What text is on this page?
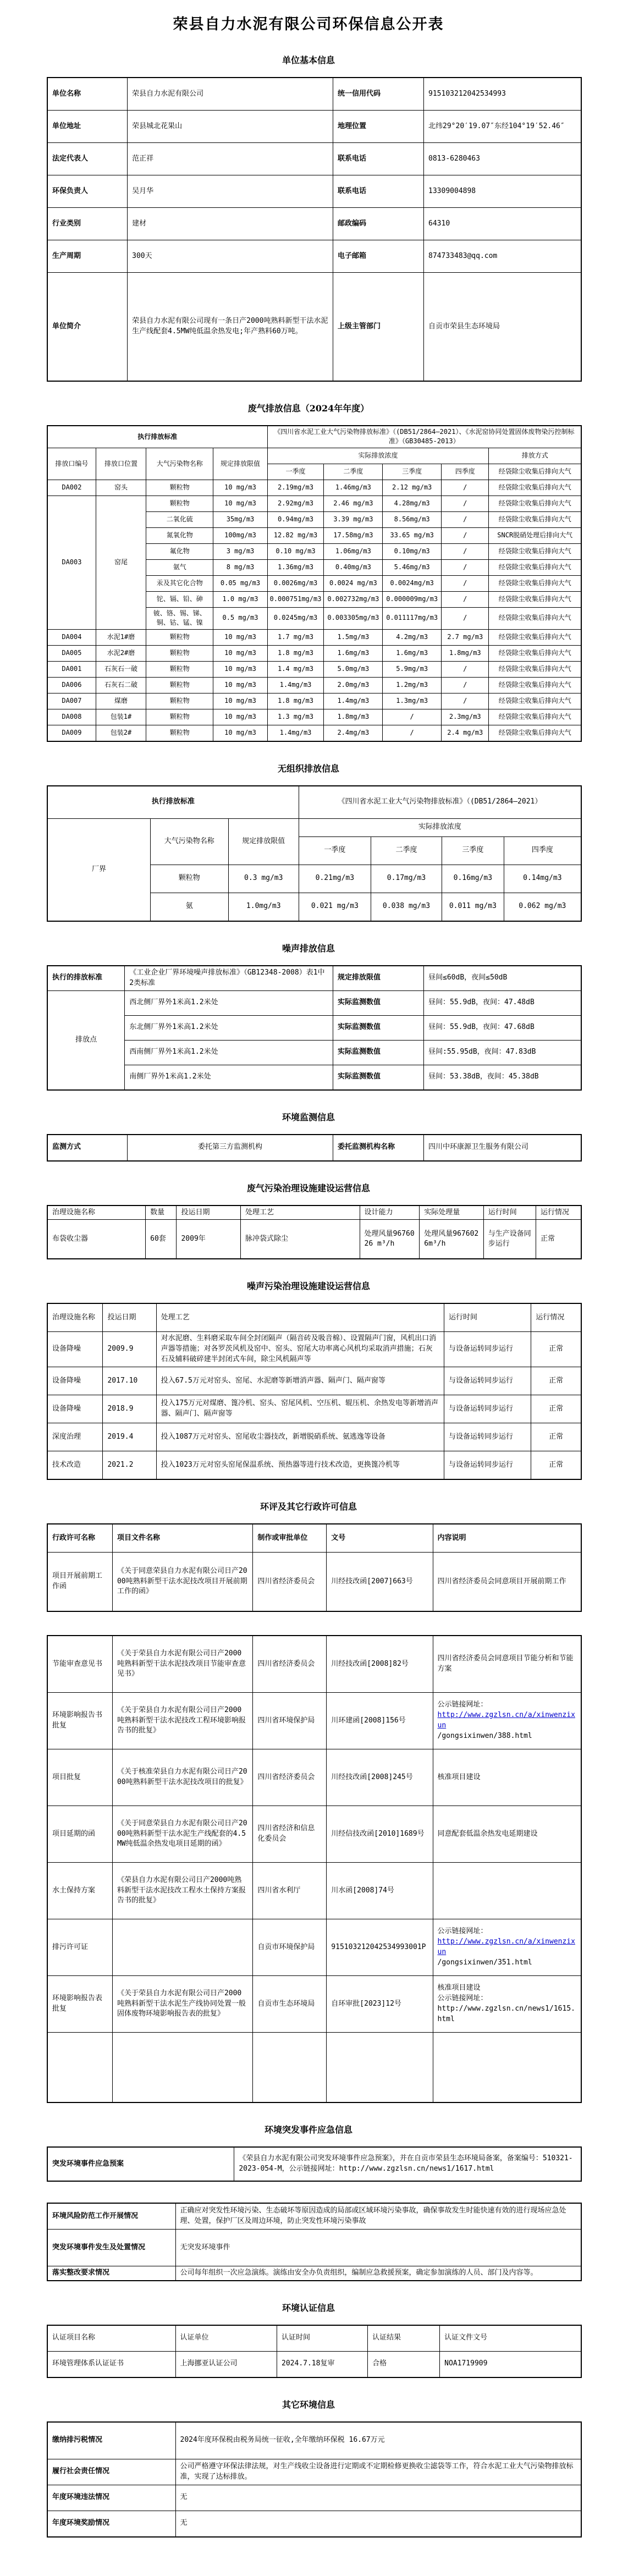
荣县自力水泥有限公司环保信息公开表
单位基本信息
单位名称	荣县自力水泥有限公司	统一信用代码	915103212042534993
单位地址	荣县城北花果山	地理位置	北纬29°20′19.07″东经104°19′52.46″
法定代表人	范正祥	联系电话	0813-6280463
环保负责人	吴月华	联系电话	13309004898
行业类别	建材	邮政编码	64310
生产周期	300天	电子邮箱	874733483@qq.com
单位简介	荣县自力水泥有限公司现有一条日产2000吨熟料新型干法水泥生产线配套4.5MW纯低温余热发电;年产熟料60万吨。	上级主管部门	自贡市荣县生态环境局
废气排放信息（2024年年度）
执行排放标准				《四川省水泥工业大气污染物排放标准》（(DB51/2864—2021）、《水泥窑协同处置固体废物染污控制标准》（GB30485-2013）				
排放口编号	排放口位置	大气污染物名称	规定排放限值	实际排放浓度				排放方式
				一季度	二季度	三季度	四季度	经袋除尘收集后排向大气
DA002	窑头	颗粒物	10 mg/m3	2.19mg/m3	1.46mg/m3	2.12 mg/m3	/	经袋除尘收集后排向大气
DA003	窑尾	颗粒物	10 mg/m3	2.92mg/m3	2.46 mg/m3	4.28mg/m3	/	经袋除尘收集后排向大气
		二氧化硫	35mg/m3	0.94mg/m3	3.39 mg/m3	8.56mg/m3	/	经袋除尘收集后排向大气
		氮氧化物	100mg/m3	12.82 mg/m3	17.58mg/m3	33.65 mg/m3	/	SNCR脱硝处理后排向大气
		氟化物	3 mg/m3	0.10 mg/m3	1.06mg/m3	0.10mg/m3	/	经袋除尘收集后排向大气
		氨气	8 mg/m3	1.36mg/m3	0.40mg/m3	5.46mg/m3	/	经袋除尘收集后排向大气
		汞及其它化合物	0.05 mg/m3	0.0026mg/m3	0.0024 mg/m3	0.0024mg/m3	/	经袋除尘收集后排向大气
		铊、镉、铅、砷	1.0 mg/m3	0.000751mg/m3	0.002732mg/m3	0.000009mg/m3	/	经袋除尘收集后排向大气
		铍、铬、锡、锑、铜、钴、锰、镍	0.5 mg/m3	0.0245mg/m3	0.003305mg/m3	0.011117mg/m3	/	经袋除尘收集后排向大气
DA004	水泥1#磨	颗粒物	10 mg/m3	1.7 mg/m3	1.5mg/m3	4.2mg/m3	2.7 mg/m3	经袋除尘收集后排向大气
DA005	水泥2#磨	颗粒物	10 mg/m3	1.8 mg/m3	1.6mg/m3	1.6mg/m3	1.8mg/m3	经袋除尘收集后排向大气
DA001	石灰石一破	颗粒物	10 mg/m3	1.4 mg/m3	5.0mg/m3	5.9mg/m3	/	经袋除尘收集后排向大气
DA006	石灰石二破	颗粒物	10 mg/m3	1.4mg/m3	2.0mg/m3	1.2mg/m3	/	经袋除尘收集后排向大气
DA007	煤磨	颗粒物	10 mg/m3	1.8 mg/m3	1.4mg/m3	1.3mg/m3	/	经袋除尘收集后排向大气
DA008	包装1#	颗粒物	10 mg/m3	1.3 mg/m3	1.8mg/m3	/	2.3mg/m3	经袋除尘收集后排向大气
DA009	包装2#	颗粒物	10 mg/m3	1.4mg/m3	2.4mg/m3	/	2.4 mg/m3	经袋除尘收集后排向大气
无组织排放信息
执行排放标准			《四川省水泥工业大气污染物排放标准》（(DB51/2864—2021）			
厂界	大气污染物名称	规定排放限值	实际排放浓度			
			一季度	二季度	三季度	四季度
	颗粒物	0.3 mg/m3	0.21mg/m3	0.17mg/m3	0.16mg/m3	0.14mg/m3
	氨	1.0mg/m3	0.021 mg/m3	0.038 mg/m3	0.011 mg/m3	0.062 mg/m3
噪声排放信息
执行的排放标准	《工业企业厂界环境噪声排放标准》（GB12348-2008）表1中2类标准	规定排放限值	昼间≤60dB，夜间≤50dB
排放点	西北侧厂界外1米高1.2米处	实际监测数值	昼间：55.9dB，夜间：47.48dB
	东北侧厂界外1米高1.2米处	实际监测数值	昼间：55.9dB，夜间：47.68dB
	西南侧厂界外1米高1.2米处	实际监测数值	昼间:55.95dB，夜间：47.83dB
	南侧厂界外1米高1.2米处	实际监测数值	昼间：53.38dB，夜间：45.38dB
环境监测信息
监测方式	委托第三方监测机构	委托监测机构名称	四川中环康源卫生服务有限公司
废气污染治理设施建设运营信息
治理设施名称	数量	投运日期	处理工艺	设计能力	实际处理量	运行时间	运行情况
布袋收尘器	60套	2009年	脉冲袋式除尘	处理风量9676026 m³/h	处理风量9676026m³/h	与生产设备同步运行	正常
噪声污染治理设施建设运营信息
治理设施名称	投运日期	处理工艺	运行时间	运行情况
设备降噪	2009.9	对水泥磨、生料磨采取车间全封闭隔声（隔音砖及吸音棉）、设置隔声门窗，风机出口消声器等措施；对各罗茨风机及窑中、窑头、窑尾大功率离心风机均采取消声措施；石灰石及辅料破碎建半封闭式车间，除尘风机隔声等	与设备运转同步运行	正常
设备降噪	2017.10	投入67.5万元对窑头、窑尾、水泥磨等新增消声器、隔声门、隔声窗等	与设备运转同步运行	正常
设备降噪	2018.9	投入175万元对煤磨、篦冷机、窑头、窑尾风机、空压机、辊压机、余热发电等新增消声器、隔声门、隔声窗等	与设备运转同步运行	正常
深度治理	2019.4	投入1087万元对窑头、窑尾收尘器技改，新增脱硝系统、氨逃逸等设备	与设备运转同步运行	正常
技术改造	2021.2	投入1023万元对窑头窑尾保温系统、预热器等进行技术改造，更换篦冷机等	与设备运转同步运行	正常
环评及其它行政许可信息
行政许可名称	项目文件名称	制作或审批单位	文号	内容说明
项目开展前期工作函	《关于同意荣县自力水泥有限公司日产2000吨熟料新型干法水泥技改项目开展前期工作的函》	四川省经济委员会	川经技改函[2007]663号	四川省经济委员会同意项目开展前期工作
节能审查意见书	《关于荣县自力水泥有限公司日产2000吨熟料新型干法水泥技改项目节能审查意见书》	四川省经济委员会	川经技改函[2008]82号	四川省经济委员会同意项目节能分析和节能方案
环境影响报告书批复	《关于荣县自力水泥有限公司日产2000吨熟料新型干法水泥技改工程环境影响报告书的批复》	四川省环境保护局	川环建函[2008]156号	公示链接网址：
http://www.zgzlsn.cn/a/xinwenzixun
/gongsixinwen/388.html

项目批复	《关于核准荣县自力水泥有限公司日产2000吨熟料新型干法水泥技改项目的批复》	四川省经济委员会	川经技改函[2008]245号	核准项目建设
项目延期的函	《关于同意荣县自力水泥有限公司日产2000吨熟料新型干法水泥生产线配套的4.5MW纯低温余热发电项目延期的函》	四川省经济和信息化委员会	川经信技改函[2010]1689号	同意配套低温余热发电延期建设
水土保持方案	《荣县自力水泥有限公司日产2000吨熟料新型干法水泥技改工程水土保持方案报告书的批复》	四川省水利厅	川水函[2008]74号	
排污许可证		自贡市环境保护局	915103212042534993001P	公示链接网址：
http://www.zgzlsn.cn/a/xinwenzixun
/gongsixinwen/351.html

环境影响报告表批复	《关于荣县自力水泥有限公司日产2000吨熟料新型干法水泥生产线协同处置一般固体废物环境影响报告表的批复》	自贡市生态环境局	自环审批[2023]12号	核准项目建设
公示链接网址：
http://www.zgzlsn.cn/news1/1615.html

环境突发事件应急信息
突发环境事件应急预案	《荣县自力水泥有限公司突发环境事件应急预案》，并在自贡市荣县生态环境局备案，备案编号：510321-2023-054-M，公示链接网址：http://www.zgzlsn.cn/news1/1617.html
环境风险防范工作开展情况	正确应对突发性环境污染、生态破坏等原因造成的局部或区域环境污染事故，确保事故发生时能快速有效的进行现场应急处理、处置，保护厂区及周边环境，防止突发性环境污染事故
突发环境事件发生及处置情况	无突发环境事件
落实整改要求情况	公司每年组织一次应急演练。演练由安全办负责组织，编制应急救援预案，确定参加演练的人员、部门及内容等。
环境认证信息
认证项目名称	认证单位	认证时间	认证结果	认证文件文号
环境管理体系认证证书	上海挪亚认证公司	2024.7.18复审	合格	NOA1719909
其它环境信息
缴纳排污税情况	2024年度环保税由税务局统一征收,全年缴纳环保税 16.67万元
履行社会责任情况	公司严格遵守环保法律法规，对生产线收尘设备进行定期或不定期检修更换收尘滤袋等工作，符合水泥工业大气污染物排放标准，实现了达标排放。
年度环境违法情况	无
年度环境奖励情况	无
